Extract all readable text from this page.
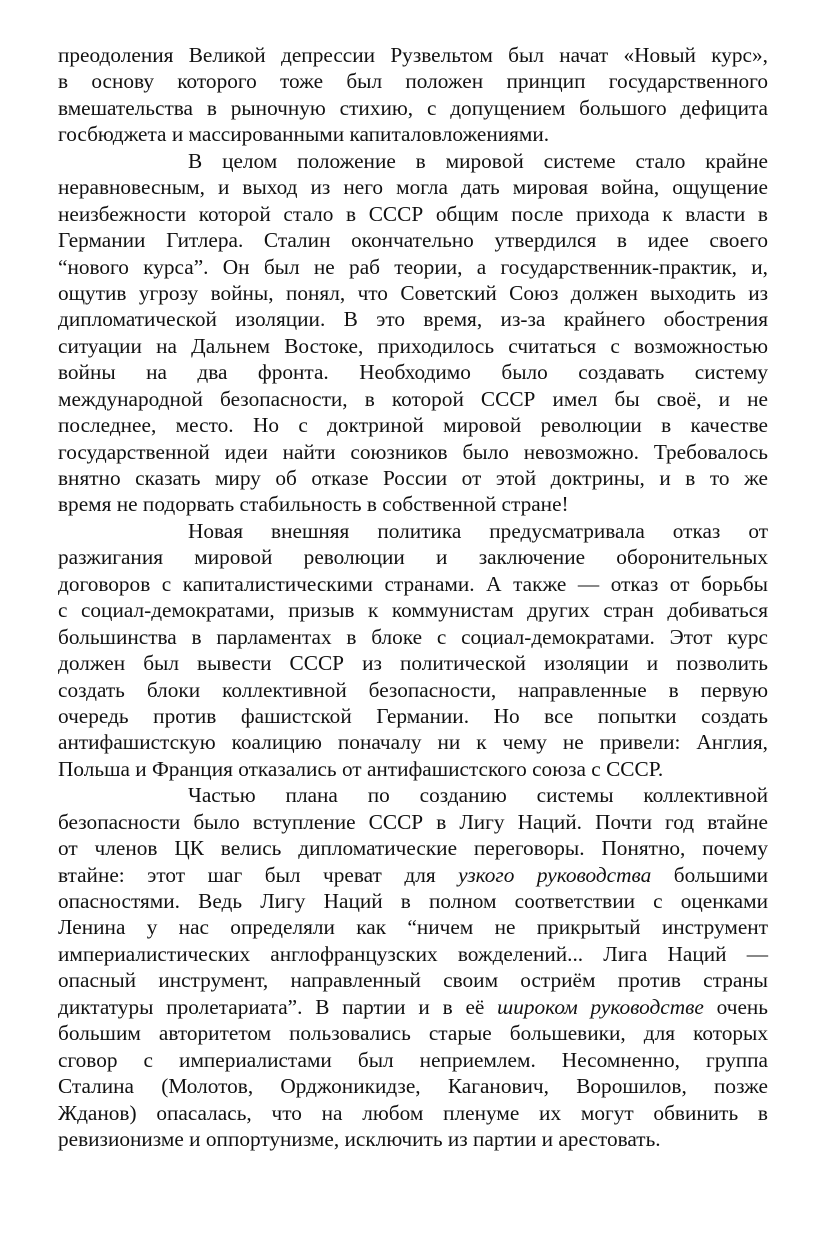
преодоления Великой депрессии Рузвельтом был начат «Новый курс»,
в основу которого тоже был положен принцип государственного
вмешательства в рыночную стихию, с допущением большого дефицита
госбюджета и массированными капиталовложениями.
В целом положение в мировой системе стало крайне
неравновесным, и выход из него могла дать мировая война, ощущение
неизбежности которой стало в СССР общим после прихода к власти в
Германии Гитлера. Сталин окончательно утвердился в идее своего
“нового курса”. Он был не раб теории, а государственник-практик, и,
ощутив угрозу войны, понял, что Советский Союз должен выходить из
дипломатической изоляции. В это время, из-за крайнего обострения
ситуации на Дальнем Востоке, приходилось считаться с возможностью
войны на два фронта. Необходимо было создавать систему
международной безопасности, в которой СССР имел бы своё, и не
последнее, место. Но с доктриной мировой революции в качестве
государственной идеи найти союзников было невозможно. Требовалось
внятно сказать миру об отказе России от этой доктрины, и в то же
время не подорвать стабильность в собственной стране!
Новая внешняя политика предусматривала отказ от
разжигания мировой революции и заключение оборонительных
договоров с капиталистическими странами. А также — отказ от борьбы
с социал-демократами, призыв к коммунистам других стран добиваться
большинства в парламентах в блоке с социал-демократами. Этот курс
должен был вывести СССР из политической изоляции и позволить
создать блоки коллективной безопасности, направленные в первую
очередь против фашистской Германии. Но все попытки создать
антифашистскую коалицию поначалу ни к чему не привели: Англия,
Польша и Франция отказались от антифашистского союза с СССР.
Частью плана по созданию системы коллективной
безопасности было вступление СССР в Лигу Наций. Почти год втайне
от членов ЦК велись дипломатические переговоры. Понятно, почему
втайне: этот шаг был чреват для узкого руководства большими
опасностями. Ведь Лигу Наций в полном соответствии с оценками
Ленина у нас определяли как “ничем не прикрытый инструмент
империалистических англофранцузских вожделений... Лига Наций —
опасный инструмент, направленный своим остриём против страны
диктатуры пролетариата”. В партии и в её широком руководстве очень
большим авторитетом пользовались старые большевики, для которых
сговор с империалистами был неприемлем. Несомненно, группа
Сталина (Молотов, Орджоникидзе, Каганович, Ворошилов, позже
Жданов) опасалась, что на любом пленуме их могут обвинить в
ревизионизме и оппортунизме, исключить из партии и арестовать.
